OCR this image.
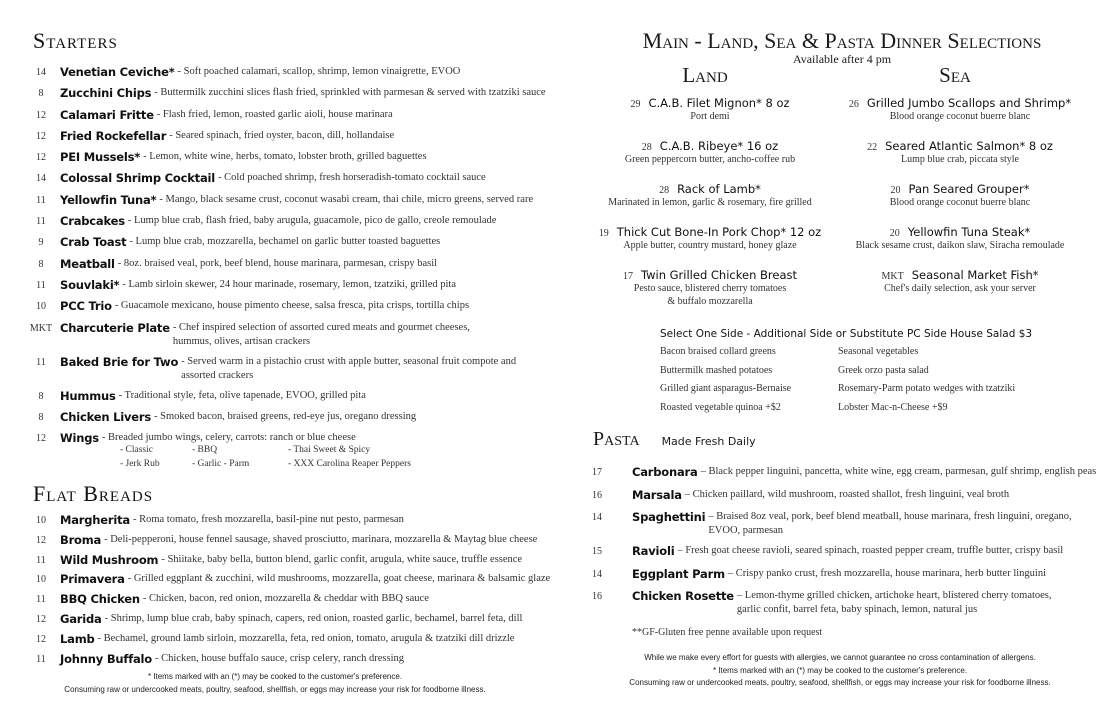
Starters
14	Venetian Ceviche* - Soft poached calamari, scallop, shrimp, lemon vinaigrette, EVOO
8	Zucchini Chips - Buttermilk zucchini slices flash fried, sprinkled with parmesan & served with tzatziki sauce
12	Calamari Fritte - Flash fried, lemon, roasted garlic aioli, house marinara
12	Fried Rockefellar - Seared spinach, fried oyster, bacon, dill, hollandaise
12	PEI Mussels* - Lemon, white wine, herbs, tomato, lobster broth, grilled baguettes
14	Colossal Shrimp Cocktail - Cold poached shrimp, fresh horseradish-tomato cocktail sauce
11	Yellowfin Tuna* - Mango, black sesame crust, coconut wasabi cream, thai chile, micro greens, served rare
11	Crabcakes - Lump blue crab, flash fried, baby arugula, guacamole, pico de gallo, creole remoulade
9	Crab Toast - Lump blue crab, mozzarella, bechamel on garlic butter toasted baguettes
8	Meatball - 8oz. braised veal, pork, beef blend, house marinara, parmesan, crispy basil
11	Souvlaki* - Lamb sirloin skewer, 24 hour marinade, rosemary, lemon, tzatziki, grilled pita
10	PCC Trio - Guacamole mexicano, house pimento cheese, salsa fresca, pita crisps, tortilla chips
MKT Charcuterie Plate - Chef inspired selection of assorted cured meats and gourmet cheeses,
hummus, olives, artisan crackers
11	Baked Brie for Two - Served warm in a pistachio crust with apple butter, seasonal fruit compote and
assorted crackers
8	Hummus - Traditional style, feta, olive tapenade, EVOO, grilled pita
8	Chicken Livers - Smoked bacon, braised greens, red-eye jus, oregano dressing
12	Wings - Breaded jumbo wings, celery, carrots: ranch or blue cheese
- Classic	- BBQ	- Thai Sweet & Spicy
- Jerk Rub	- Garlic - Parm	- XXX Carolina Reaper Peppers
Flat Breads
10	Margherita - Roma tomato, fresh mozzarella, basil-pine nut pesto, parmesan
12	Broma - Deli-pepperoni, house fennel sausage, shaved prosciutto, marinara, mozzarella & Maytag blue cheese
11	Wild Mushroom - Shiitake, baby bella, button blend, garlic confit, arugula, white sauce, truffle essence
10	Primavera - Grilled eggplant & zucchini, wild mushrooms, mozzarella, goat cheese, marinara & balsamic glaze
11	BBQ Chicken - Chicken, bacon, red onion, mozzarella & cheddar with BBQ sauce
12	Garida - Shrimp, lump blue crab, baby spinach, capers, red onion, roasted garlic, bechamel, barrel feta, dill
12	Lamb - Bechamel, ground lamb sirloin, mozzarella, feta, red onion, tomato, arugula & tzatziki dill drizzle
11	Johnny Buffalo - Chicken, house buffalo sauce, crisp celery, ranch dressing
* Items marked with an (*) may be cooked to the customer's preference.
Consuming raw or undercooked meats, poultry, seafood, shellfish, or eggs may increase your risk for foodborne illness.
Main - Land, Sea & Pasta Dinner Selections
Available after 4 pm
Land	Sea
29 C.A.B. Filet Mignon* 8 oz
Port demi
28 C.A.B. Ribeye* 16 oz
Green peppercorn butter, ancho-coffee rub
28 Rack of Lamb*
Marinated in lemon, garlic & rosemary, fire grilled
19 Thick Cut Bone-In Pork Chop* 12 oz
Apple butter, country mustard, honey glaze
17 Twin Grilled Chicken Breast
Pesto sauce, blistered cherry tomatoes
& buffalo mozzarella
26 Grilled Jumbo Scallops and Shrimp*
Blood orange coconut buerre blanc
22 Seared Atlantic Salmon* 8 oz
Lump blue crab, piccata style
20 Pan Seared Grouper*
Blood orange coconut buerre blanc
20 Yellowfin Tuna Steak*
Black sesame crust, daikon slaw, Siracha remoulade
MKT Seasonal Market Fish*
Chef's daily selection, ask your server
Select One Side - Additional Side or Substitute PC Side House Salad $3
Bacon braised collard greens	Seasonal vegetables
Buttermilk mashed potatoes	Greek orzo pasta salad
Grilled giant asparagus-Bernaise	Rosemary-Parm potato wedges with tzatziki
Roasted vegetable quinoa +$2	Lobster Mac-n-Cheese +$9
Pasta Made Fresh Daily
17	Carbonara – Black pepper linguini, pancetta, white wine, egg cream, parmesan, gulf shrimp, english peas
16	Marsala – Chicken paillard, wild mushroom, roasted shallot, fresh linguini, veal broth
14	Spaghettini – Braised 8oz veal, pork, beef blend meatball, house marinara, fresh linguini, oregano,
EVOO, parmesan
15	Ravioli – Fresh goat cheese ravioli, seared spinach, roasted pepper cream, truffle butter, crispy basil
14	Eggplant Parm – Crispy panko crust, fresh mozzarella, house marinara, herb butter linguini
16	Chicken Rosette – Lemon-thyme grilled chicken, artichoke heart, blistered cherry tomatoes,
garlic confit, barrel feta, baby spinach, lemon, natural jus
**GF-Gluten free penne available upon request
While we make every effort for guests with allergies, we cannot guarantee no cross contamination of allergens.
* Items marked with an (*) may be cooked to the customer's preference.
Consuming raw or undercooked meats, poultry, seafood, shellfish, or eggs may increase your risk for foodborne illness.
